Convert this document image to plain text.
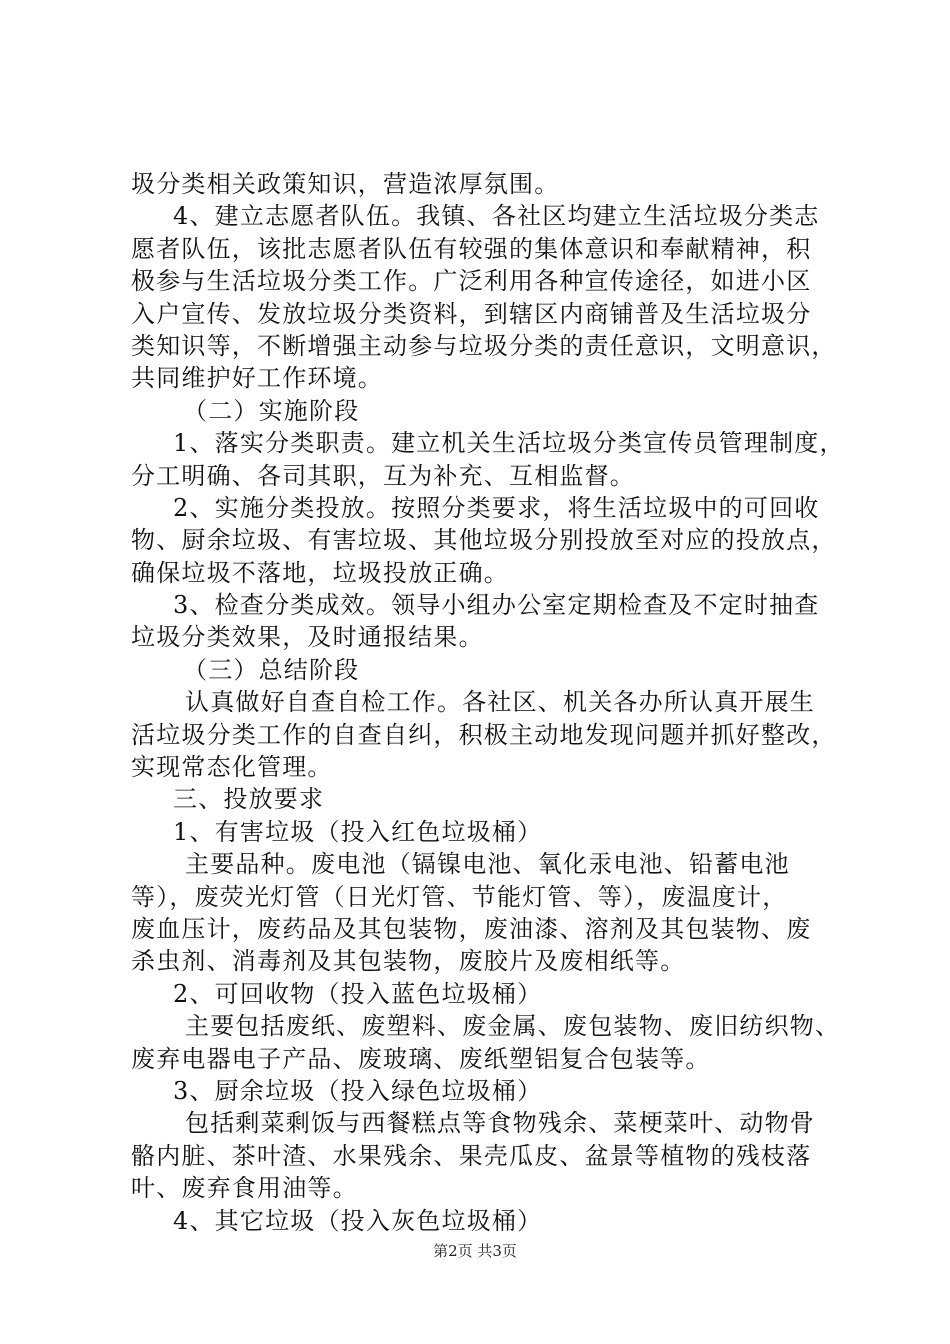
圾分类相关政策知识，营造浓厚氛围。
4、建立志愿者队伍。我镇、各社区均建立生活垃圾分类志
愿者队伍，该批志愿者队伍有较强的集体意识和奉献精神，积
极参与生活垃圾分类工作。广泛利用各种宣传途径，如进小区
入户宣传、发放垃圾分类资料，到辖区内商铺普及生活垃圾分
类知识等，不断增强主动参与垃圾分类的责任意识，文明意识，
共同维护好工作环境。
（二）实施阶段
1、落实分类职责。建立机关生活垃圾分类宣传员管理制度，
分工明确、各司其职，互为补充、互相监督。
2、实施分类投放。按照分类要求，将生活垃圾中的可回收
物、厨余垃圾、有害垃圾、其他垃圾分别投放至对应的投放点，
确保垃圾不落地，垃圾投放正确。
3、检查分类成效。领导小组办公室定期检查及不定时抽查
垃圾分类效果，及时通报结果。
（三）总结阶段
认真做好自查自检工作。各社区、机关各办所认真开展生
活垃圾分类工作的自查自纠，积极主动地发现问题并抓好整改，
实现常态化管理。
三、投放要求
1、有害垃圾（投入红色垃圾桶）
主要品种。废电池（镉镍电池、氧化汞电池、铅蓄电池
等），废荧光灯管（日光灯管、节能灯管、等），废温度计，
废血压计，废药品及其包装物，废油漆、溶剂及其包装物、废
杀虫剂、消毒剂及其包装物，废胶片及废相纸等。
2、可回收物（投入蓝色垃圾桶）
主要包括废纸、废塑料、废金属、废包装物、废旧纺织物、
废弃电器电子产品、废玻璃、废纸塑铝复合包装等。
3、厨余垃圾（投入绿色垃圾桶）
包括剩菜剩饭与西餐糕点等食物残余、菜梗菜叶、动物骨
骼内脏、茶叶渣、水果残余、果壳瓜皮、盆景等植物的残枝落
叶、废弃食用油等。
4、其它垃圾（投入灰色垃圾桶）
第2页 共3页
